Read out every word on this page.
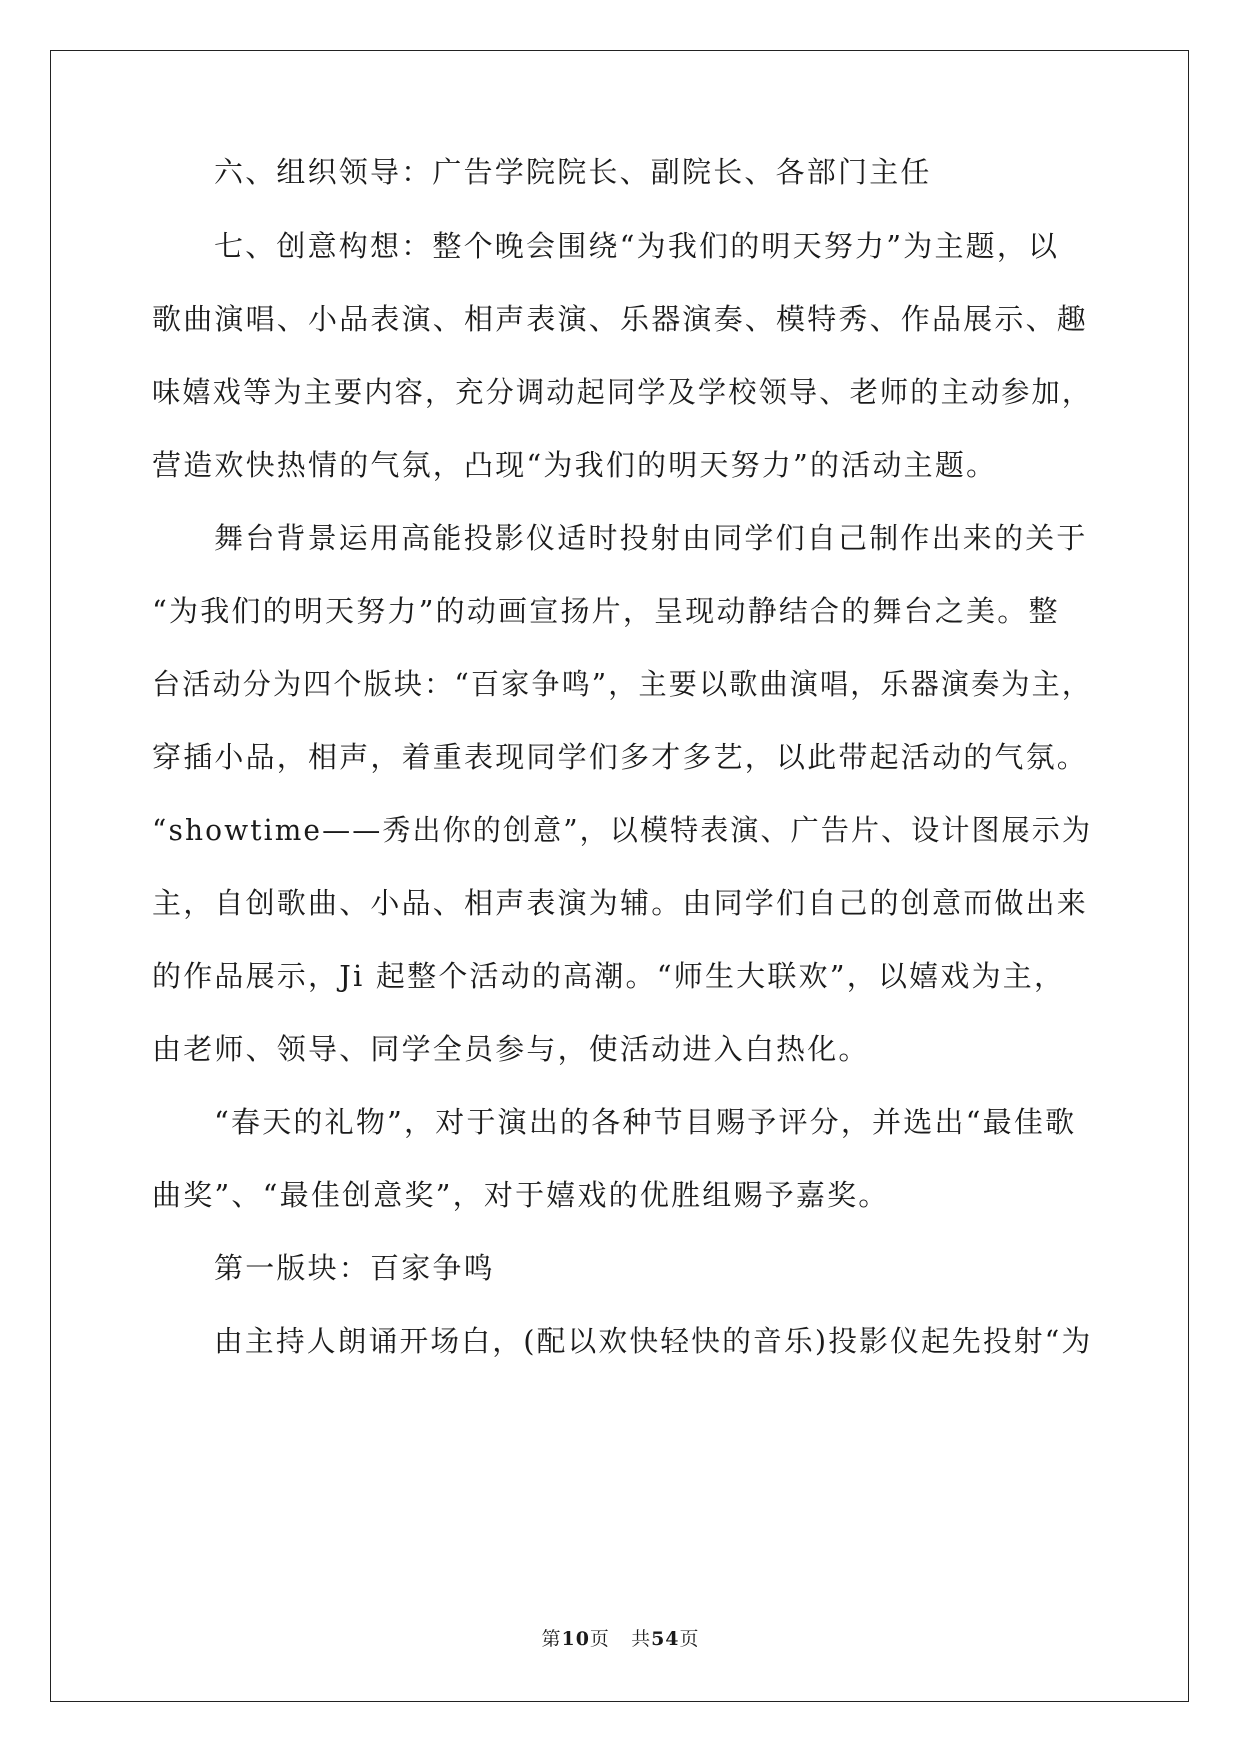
六、组织领导：广告学院院长、副院长、各部门主任
七、创意构想：整个晚会围绕“为我们的明天努力”为主题，以
歌曲演唱、小品表演、相声表演、乐器演奏、模特秀、作品展示、趣
味嬉戏等为主要内容，充分调动起同学及学校领导、老师的主动参加，
营造欢快热情的气氛，凸现“为我们的明天努力”的活动主题。
舞台背景运用高能投影仪适时投射由同学们自己制作出来的关于
“为我们的明天努力”的动画宣扬片，呈现动静结合的舞台之美。整
台活动分为四个版块：“百家争鸣”，主要以歌曲演唱，乐器演奏为主，
穿插小品，相声，着重表现同学们多才多艺，以此带起活动的气氛。
“showtime——秀出你的创意”，以模特表演、广告片、设计图展示为
主，自创歌曲、小品、相声表演为辅。由同学们自己的创意而做出来
的作品展示，Ji 起整个活动的高潮。“师生大联欢”，以嬉戏为主，
由老师、领导、同学全员参与，使活动进入白热化。
“春天的礼物”，对于演出的各种节目赐予评分，并选出“最佳歌
曲奖”、“最佳创意奖”，对于嬉戏的优胜组赐予嘉奖。
第一版块：百家争鸣
由主持人朗诵开场白，(配以欢快轻快的音乐)投影仪起先投射“为
第10页 共54页
